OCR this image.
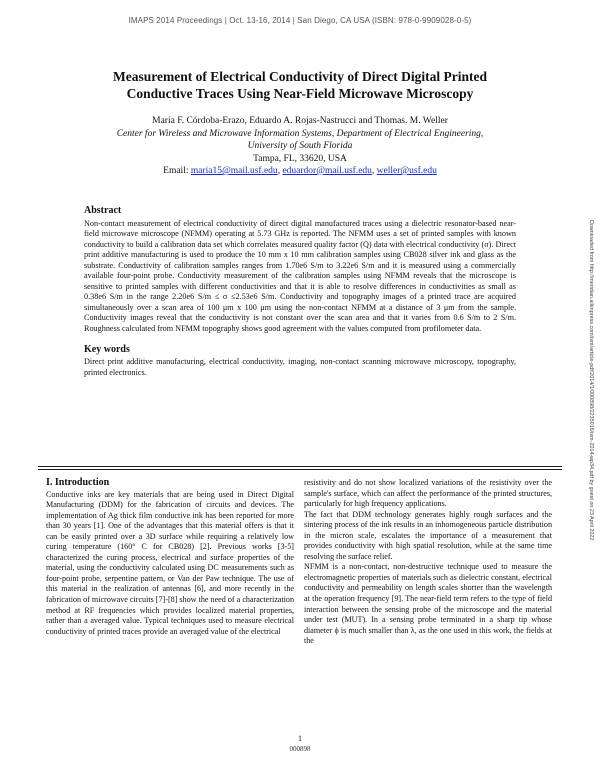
IMAPS 2014 Proceedings | Oct. 13-16, 2014 | San Diego, CA USA (ISBN: 978-0-9909028-0-5)
Measurement of Electrical Conductivity of Direct Digital Printed
Conductive Traces Using Near-Field Microwave Microscopy
María F. Córdoba-Erazo, Eduardo A. Rojas-Nastrucci and Thomas. M. Weller
Center for Wireless and Microwave Information Systems, Department of Electrical Engineering,
University of South Florida
Tampa, FL, 33620, USA
Email: maria15@mail.usf.edu, eduardor@mail.usf.edu, weller@usf.edu
Downloaded from http://meridian.allenpress.com/ism/article-pdf/2014/1/000898/2235016/ism-2014-wp34.pdf by guest on 23 April 2022
Abstract

Non-contact measurement of electrical conductivity of direct digital manufactured traces using a dielectric resonator-based near-field microwave microscope (NFMM) operating at 5.73 GHz is reported. The NFMM uses a set of printed samples with known conductivity to build a calibration data set which correlates measured quality factor (Q) data with electrical conductivity (σ). Direct print additive manufacturing is used to produce the 10 mm x 10 mm calibration samples using CB028 silver ink and glass as the substrate. Conductivity of calibration samples ranges from 1.70e6 S/m to 3.22e6 S/m and it is measured using a commercially available four-point probe. Conductivity measurement of the calibration samples using NFMM reveals that the microscope is sensitive to printed samples with different conductivities and that it is able to resolve differences in conductivities as small as 0.38e6 S/m in the range 2.20e6 S/m ≤ σ ≤2.53e6 S/m. Conductivity and topography images of a printed trace are acquired simultaneously over a scan area of 100 μm x 100 μm using the non-contact NFMM at a distance of 3 μm from the sample. Conductivity images reveal that the conductivity is not constant over the scan area and that it varies from 0.6 S/m to 2 S/m. Roughness calculated from NFMM topography shows good agreement with the values computed from profilometer data.

Key words

Direct print additive manufacturing, electrical conductivity, imaging, non-contact scanning microwave microscopy, topography, printed electronics.

I. Introduction

Conductive inks are key materials that are being used in Direct Digital Manufacturing (DDM) for the fabrication of circuits and devices. The implementation of Ag thick film conductive ink has been reported for more than 30 years [1]. One of the advantages that this material offers is that it can be easily printed over a 3D surface while requiring a relatively low curing temperature (160° C for CB028) [2]. Previous works [3-5] characterized the curing process, electrical and surface properties of the material, using the conductivity calculated using DC measurements such as four-point probe, serpentine pattern, or Van der Paw technique. The use of this material in the realization of antennas [6], and more recently in the fabrication of microwave circuits [7]-[8] show the need of a characterization method at RF frequencies which provides localized material properties, rather than a averaged value. Typical techniques used to measure electrical conductivity of printed traces provide an averaged value of the electrical

resistivity and do not show localized variations of the resistivity over the sample's surface, which can affect the performance of the printed structures, particularly for high frequency applications.

The fact that DDM technology generates highly rough surfaces and the sintering process of the ink results in an inhomogeneous particle distribution in the micron scale, escalates the importance of a measurement that provides conductivity with high spatial resolution, while at the same time resolving the surface relief.

NFMM is a non-contact, non-destructive technique used to measure the electromagnetic properties of materials such as dielectric constant, electrical conductivity and permeability on length scales shorter than the wavelength at the operation frequency [9]. The near-field term refers to the type of field interaction between the sensing probe of the microscope and the material under test (MUT). In a sensing probe terminated in a sharp tip whose diameter ϕ is much smaller than λ, as the one used in this work, the fields at the

1
000898
